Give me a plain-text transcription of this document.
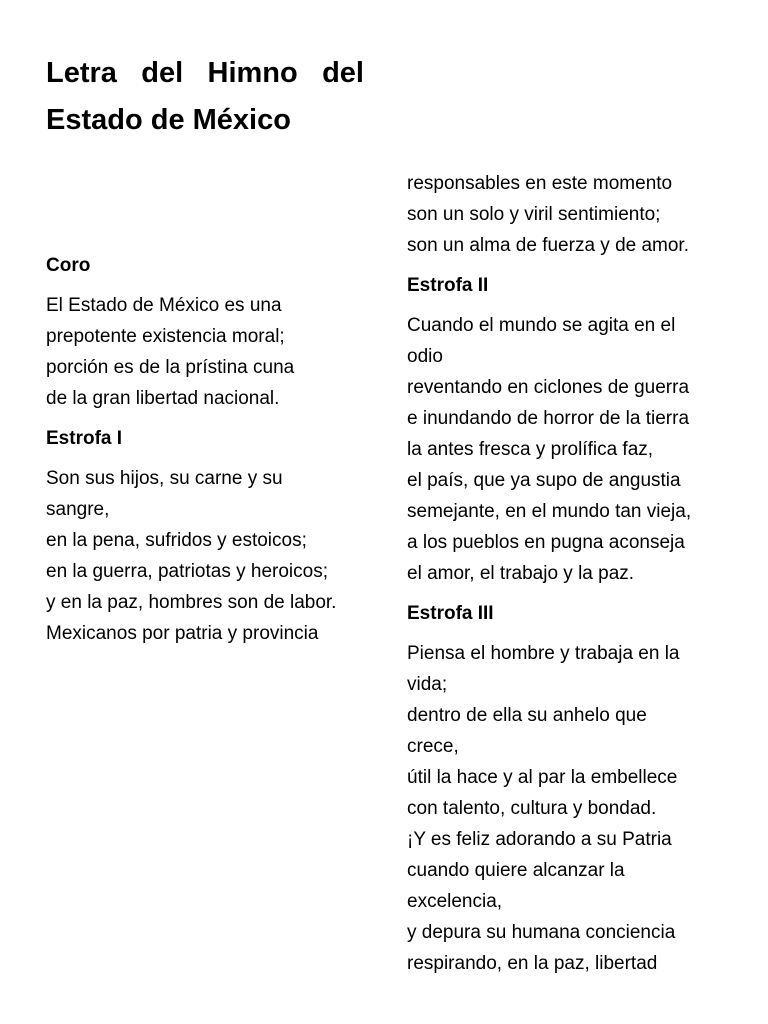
Letra del Himno del
Estado de México

Coro

El Estado de México es una
prepotente existencia moral;
porción es de la prístina cuna
de la gran libertad nacional.

Estrofa I

Son sus hijos, su carne y su
sangre,
en la pena, sufridos y estoicos;
en la guerra, patriotas y heroicos;
y en la paz, hombres son de labor.
Mexicanos por patria y provincia
responsables en este momento
son un solo y viril sentimiento;
son un alma de fuerza y de amor.

Estrofa II

Cuando el mundo se agita en el
odio
reventando en ciclones de guerra
e inundando de horror de la tierra
la antes fresca y prolífica faz,
el país, que ya supo de angustia
semejante, en el mundo tan vieja,
a los pueblos en pugna aconseja
el amor, el trabajo y la paz.

Estrofa III

Piensa el hombre y trabaja en la
vida;
dentro de ella su anhelo que
crece,
útil la hace y al par la embellece
con talento, cultura y bondad.
¡Y es feliz adorando a su Patria
cuando quiere alcanzar la
excelencia,
y depura su humana conciencia
respirando, en la paz, libertad
